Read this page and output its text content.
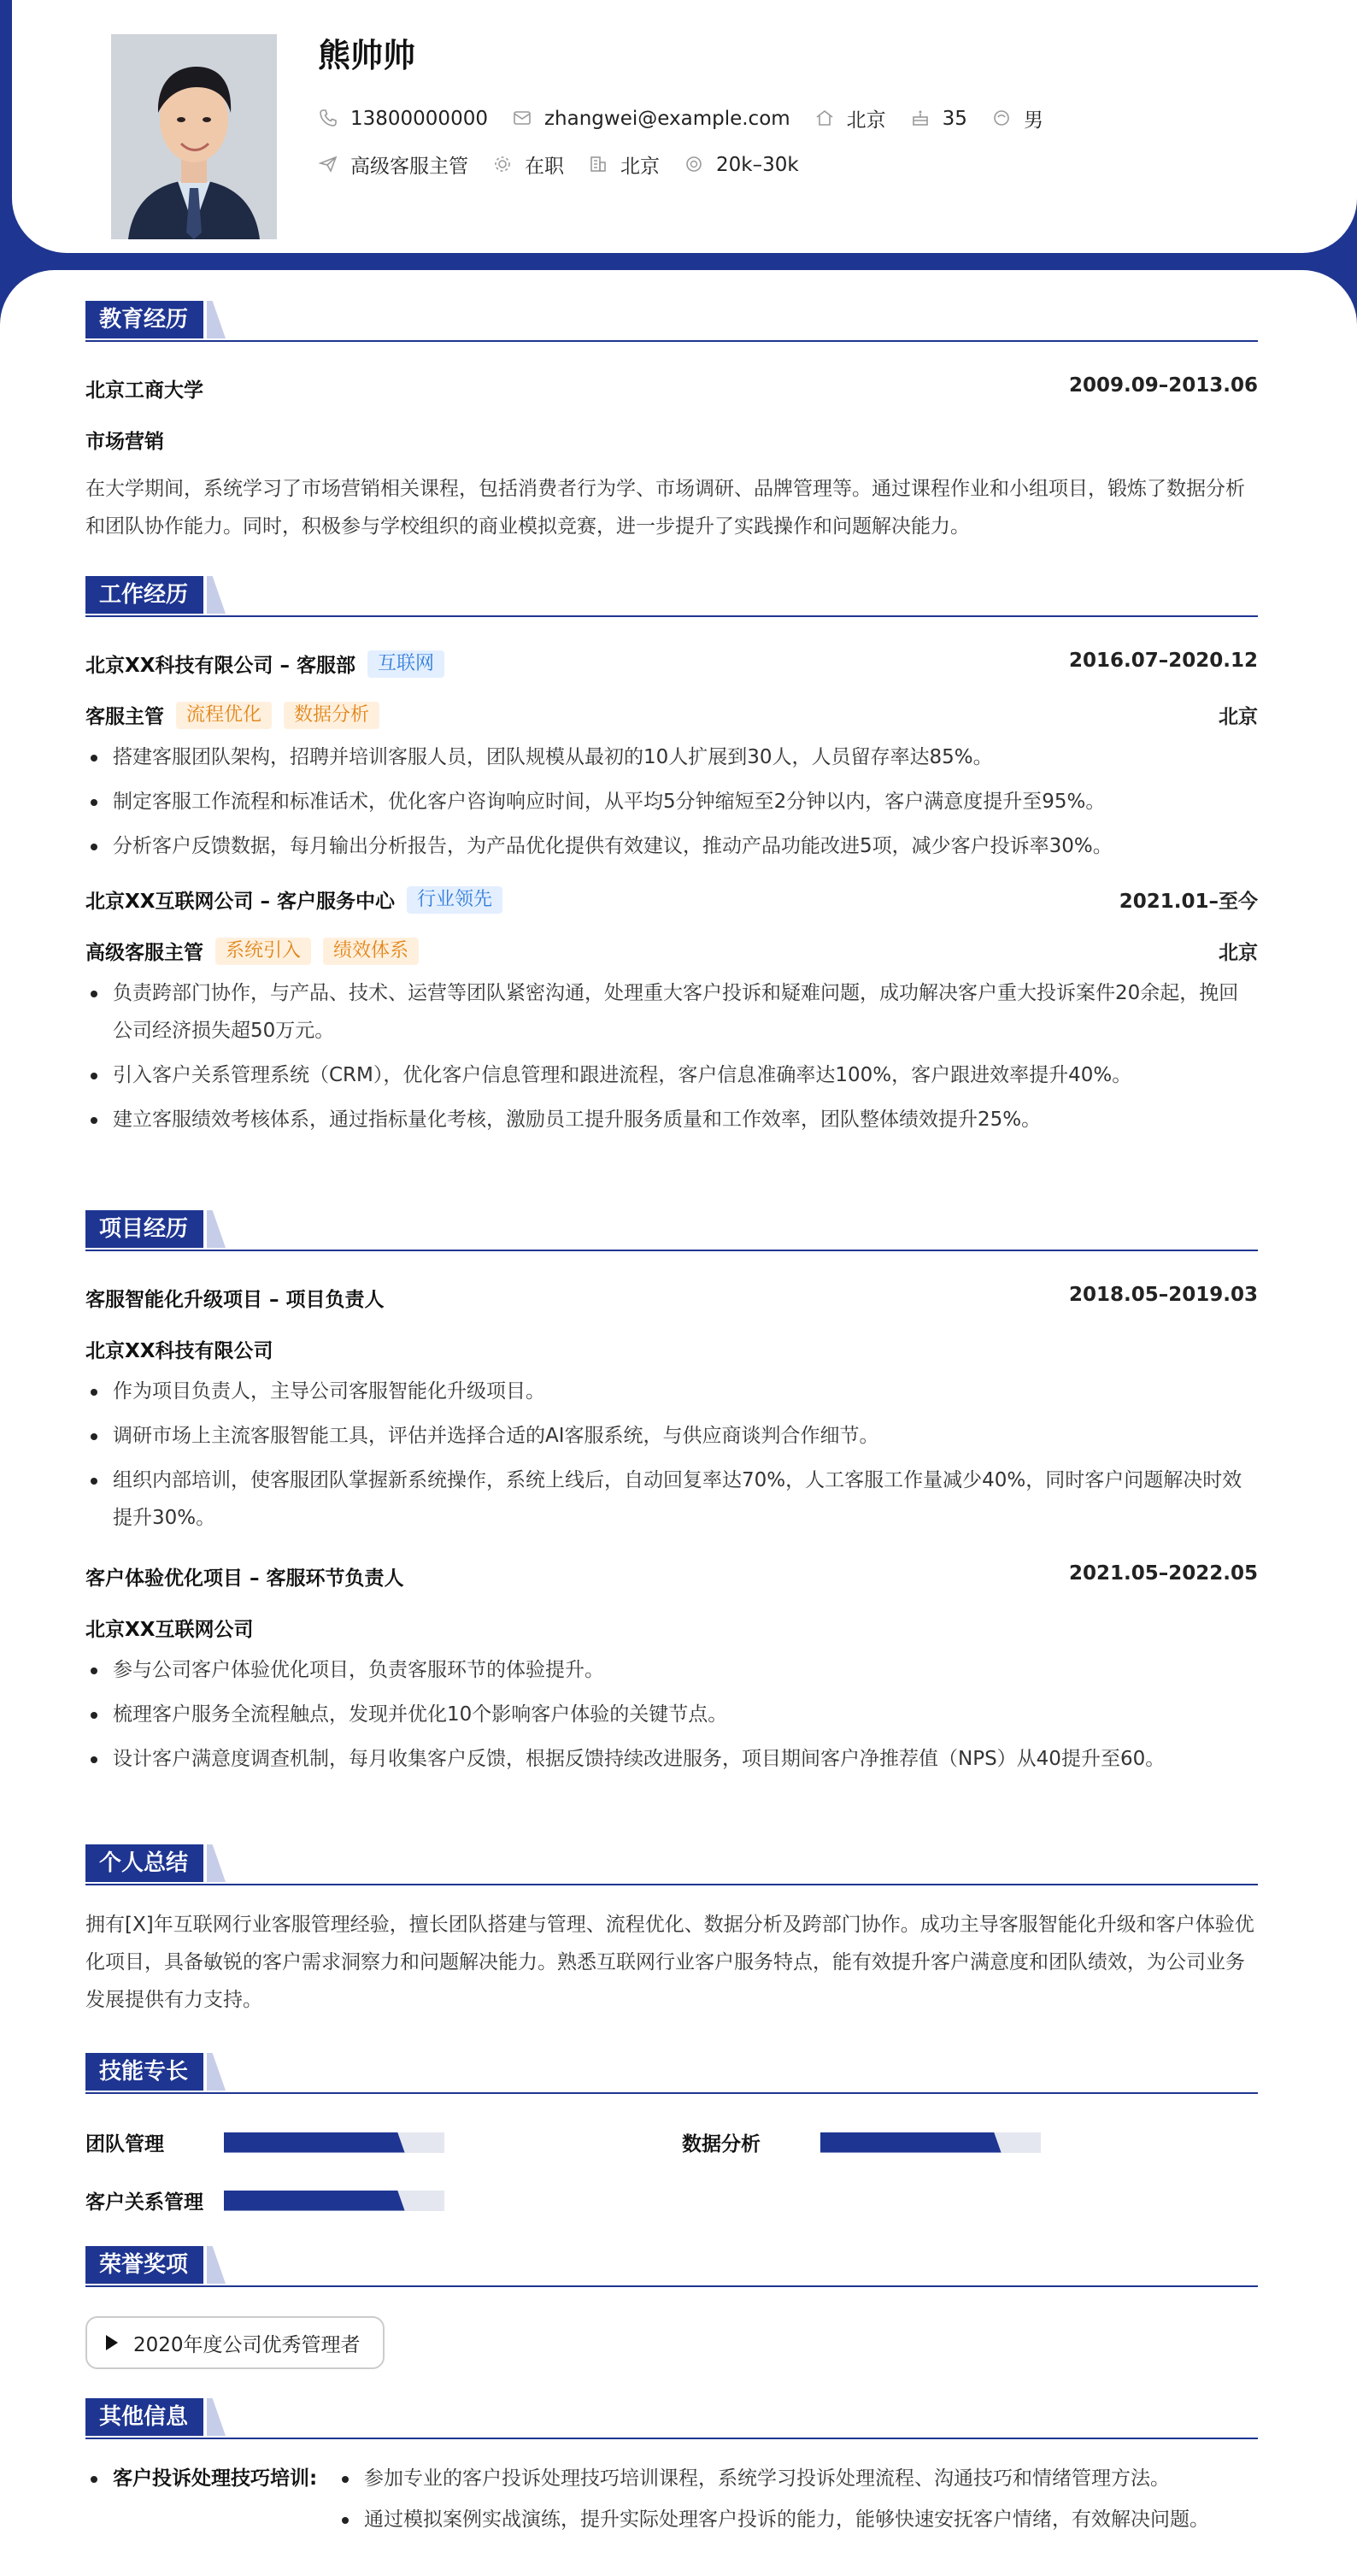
熊帅帅
13800000000	zhangwei@example.com	北京	35	男
高级客服主管	在职	北京	20k–30k
教育经历
北京工商大学	2009.09–2013.06
市场营销
在大学期间，系统学习了市场营销相关课程，包括消费者行为学、市场调研、品牌管理等。通过课程作业和小组项目，锻炼了数据分析和团队协作能力。同时，积极参与学校组织的商业模拟竞赛，进一步提升了实践操作和问题解决能力。
工作经历
北京XX科技有限公司 – 客服部	互联网	2016.07–2020.12
客服主管	流程优化	数据分析	北京
搭建客服团队架构，招聘并培训客服人员，团队规模从最初的10人扩展到30人，人员留存率达85%。
制定客服工作流程和标准话术，优化客户咨询响应时间，从平均5分钟缩短至2分钟以内，客户满意度提升至95%。
分析客户反馈数据，每月输出分析报告，为产品优化提供有效建议，推动产品功能改进5项，减少客户投诉率30%。
北京XX互联网公司 – 客户服务中心	行业领先	2021.01–至今
高级客服主管	系统引入	绩效体系	北京
负责跨部门协作，与产品、技术、运营等团队紧密沟通，处理重大客户投诉和疑难问题，成功解决客户重大投诉案件20余起，挽回公司经济损失超50万元。
引入客户关系管理系统（CRM），优化客户信息管理和跟进流程，客户信息准确率达100%，客户跟进效率提升40%。
建立客服绩效考核体系，通过指标量化考核，激励员工提升服务质量和工作效率，团队整体绩效提升25%。
项目经历
客服智能化升级项目 – 项目负责人	2018.05–2019.03
北京XX科技有限公司
作为项目负责人，主导公司客服智能化升级项目。
调研市场上主流客服智能工具，评估并选择合适的AI客服系统，与供应商谈判合作细节。
组织内部培训，使客服团队掌握新系统操作，系统上线后，自动回复率达70%，人工客服工作量减少40%，同时客户问题解决时效提升30%。
客户体验优化项目 – 客服环节负责人	2021.05–2022.05
北京XX互联网公司
参与公司客户体验优化项目，负责客服环节的体验提升。
梳理客户服务全流程触点，发现并优化10个影响客户体验的关键节点。
设计客户满意度调查机制，每月收集客户反馈，根据反馈持续改进服务，项目期间客户净推荐值（NPS）从40提升至60。
个人总结
拥有[X]年互联网行业客服管理经验，擅长团队搭建与管理、流程优化、数据分析及跨部门协作。成功主导客服智能化升级和客户体验优化项目，具备敏锐的客户需求洞察力和问题解决能力。熟悉互联网行业客户服务特点，能有效提升客户满意度和团队绩效，为公司业务发展提供有力支持。
技能专长
团队管理	数据分析
客户关系管理
荣誉奖项
2020年度公司优秀管理者
其他信息
客户投诉处理技巧培训: 参加专业的客户投诉处理技巧培训课程，系统学习投诉处理流程、沟通技巧和情绪管理方法。
通过模拟案例实战演练，提升实际处理客户投诉的能力，能够快速安抚客户情绪，有效解决问题。
